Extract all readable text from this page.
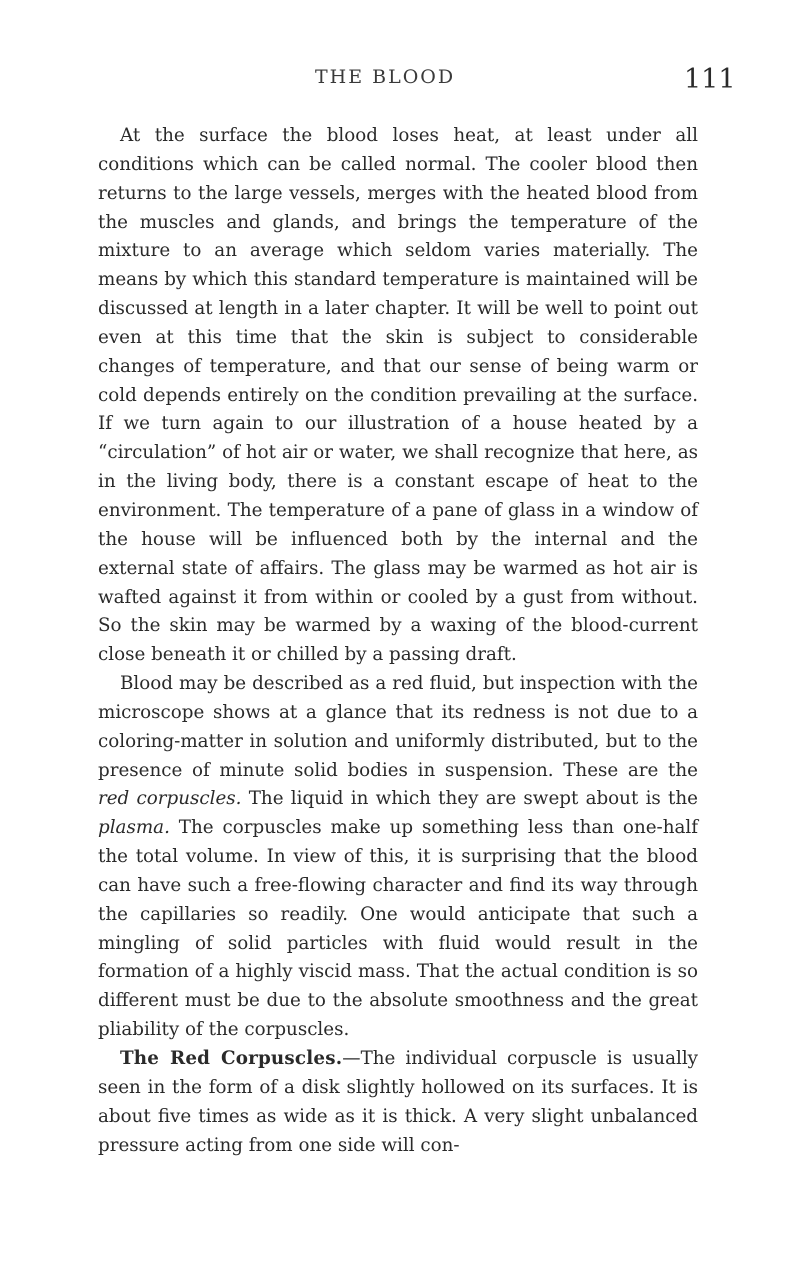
THE BLOOD	111

At the surface the blood loses heat, at least under all conditions which can be called normal. The cooler blood then returns to the large vessels, merges with the heated blood from the muscles and glands, and brings the temperature of the mixture to an average which seldom varies materially. The means by which this standard temperature is maintained will be discussed at length in a later chapter. It will be well to point out even at this time that the skin is subject to considerable changes of temperature, and that our sense of being warm or cold depends entirely on the condition prevailing at the surface. If we turn again to our illustration of a house heated by a “circulation” of hot air or water, we shall recognize that here, as in the living body, there is a constant escape of heat to the environment. The temperature of a pane of glass in a window of the house will be influenced both by the internal and the external state of affairs. The glass may be warmed as hot air is wafted against it from within or cooled by a gust from without. So the skin may be warmed by a waxing of the blood-current close beneath it or chilled by a passing draft.

Blood may be described as a red fluid, but inspection with the microscope shows at a glance that its redness is not due to a coloring-matter in solution and uniformly distributed, but to the presence of minute solid bodies in suspension. These are the red corpuscles. The liquid in which they are swept about is the plasma. The corpuscles make up something less than one-half the total volume. In view of this, it is surprising that the blood can have such a free-flowing character and find its way through the capillaries so readily. One would anticipate that such a mingling of solid particles with fluid would result in the formation of a highly viscid mass. That the actual condition is so different must be due to the absolute smoothness and the great pliability of the corpuscles.

The Red Corpuscles.—The individual corpuscle is usually seen in the form of a disk slightly hollowed on its surfaces. It is about five times as wide as it is thick. A very slight unbalanced pressure acting from one side will con-
